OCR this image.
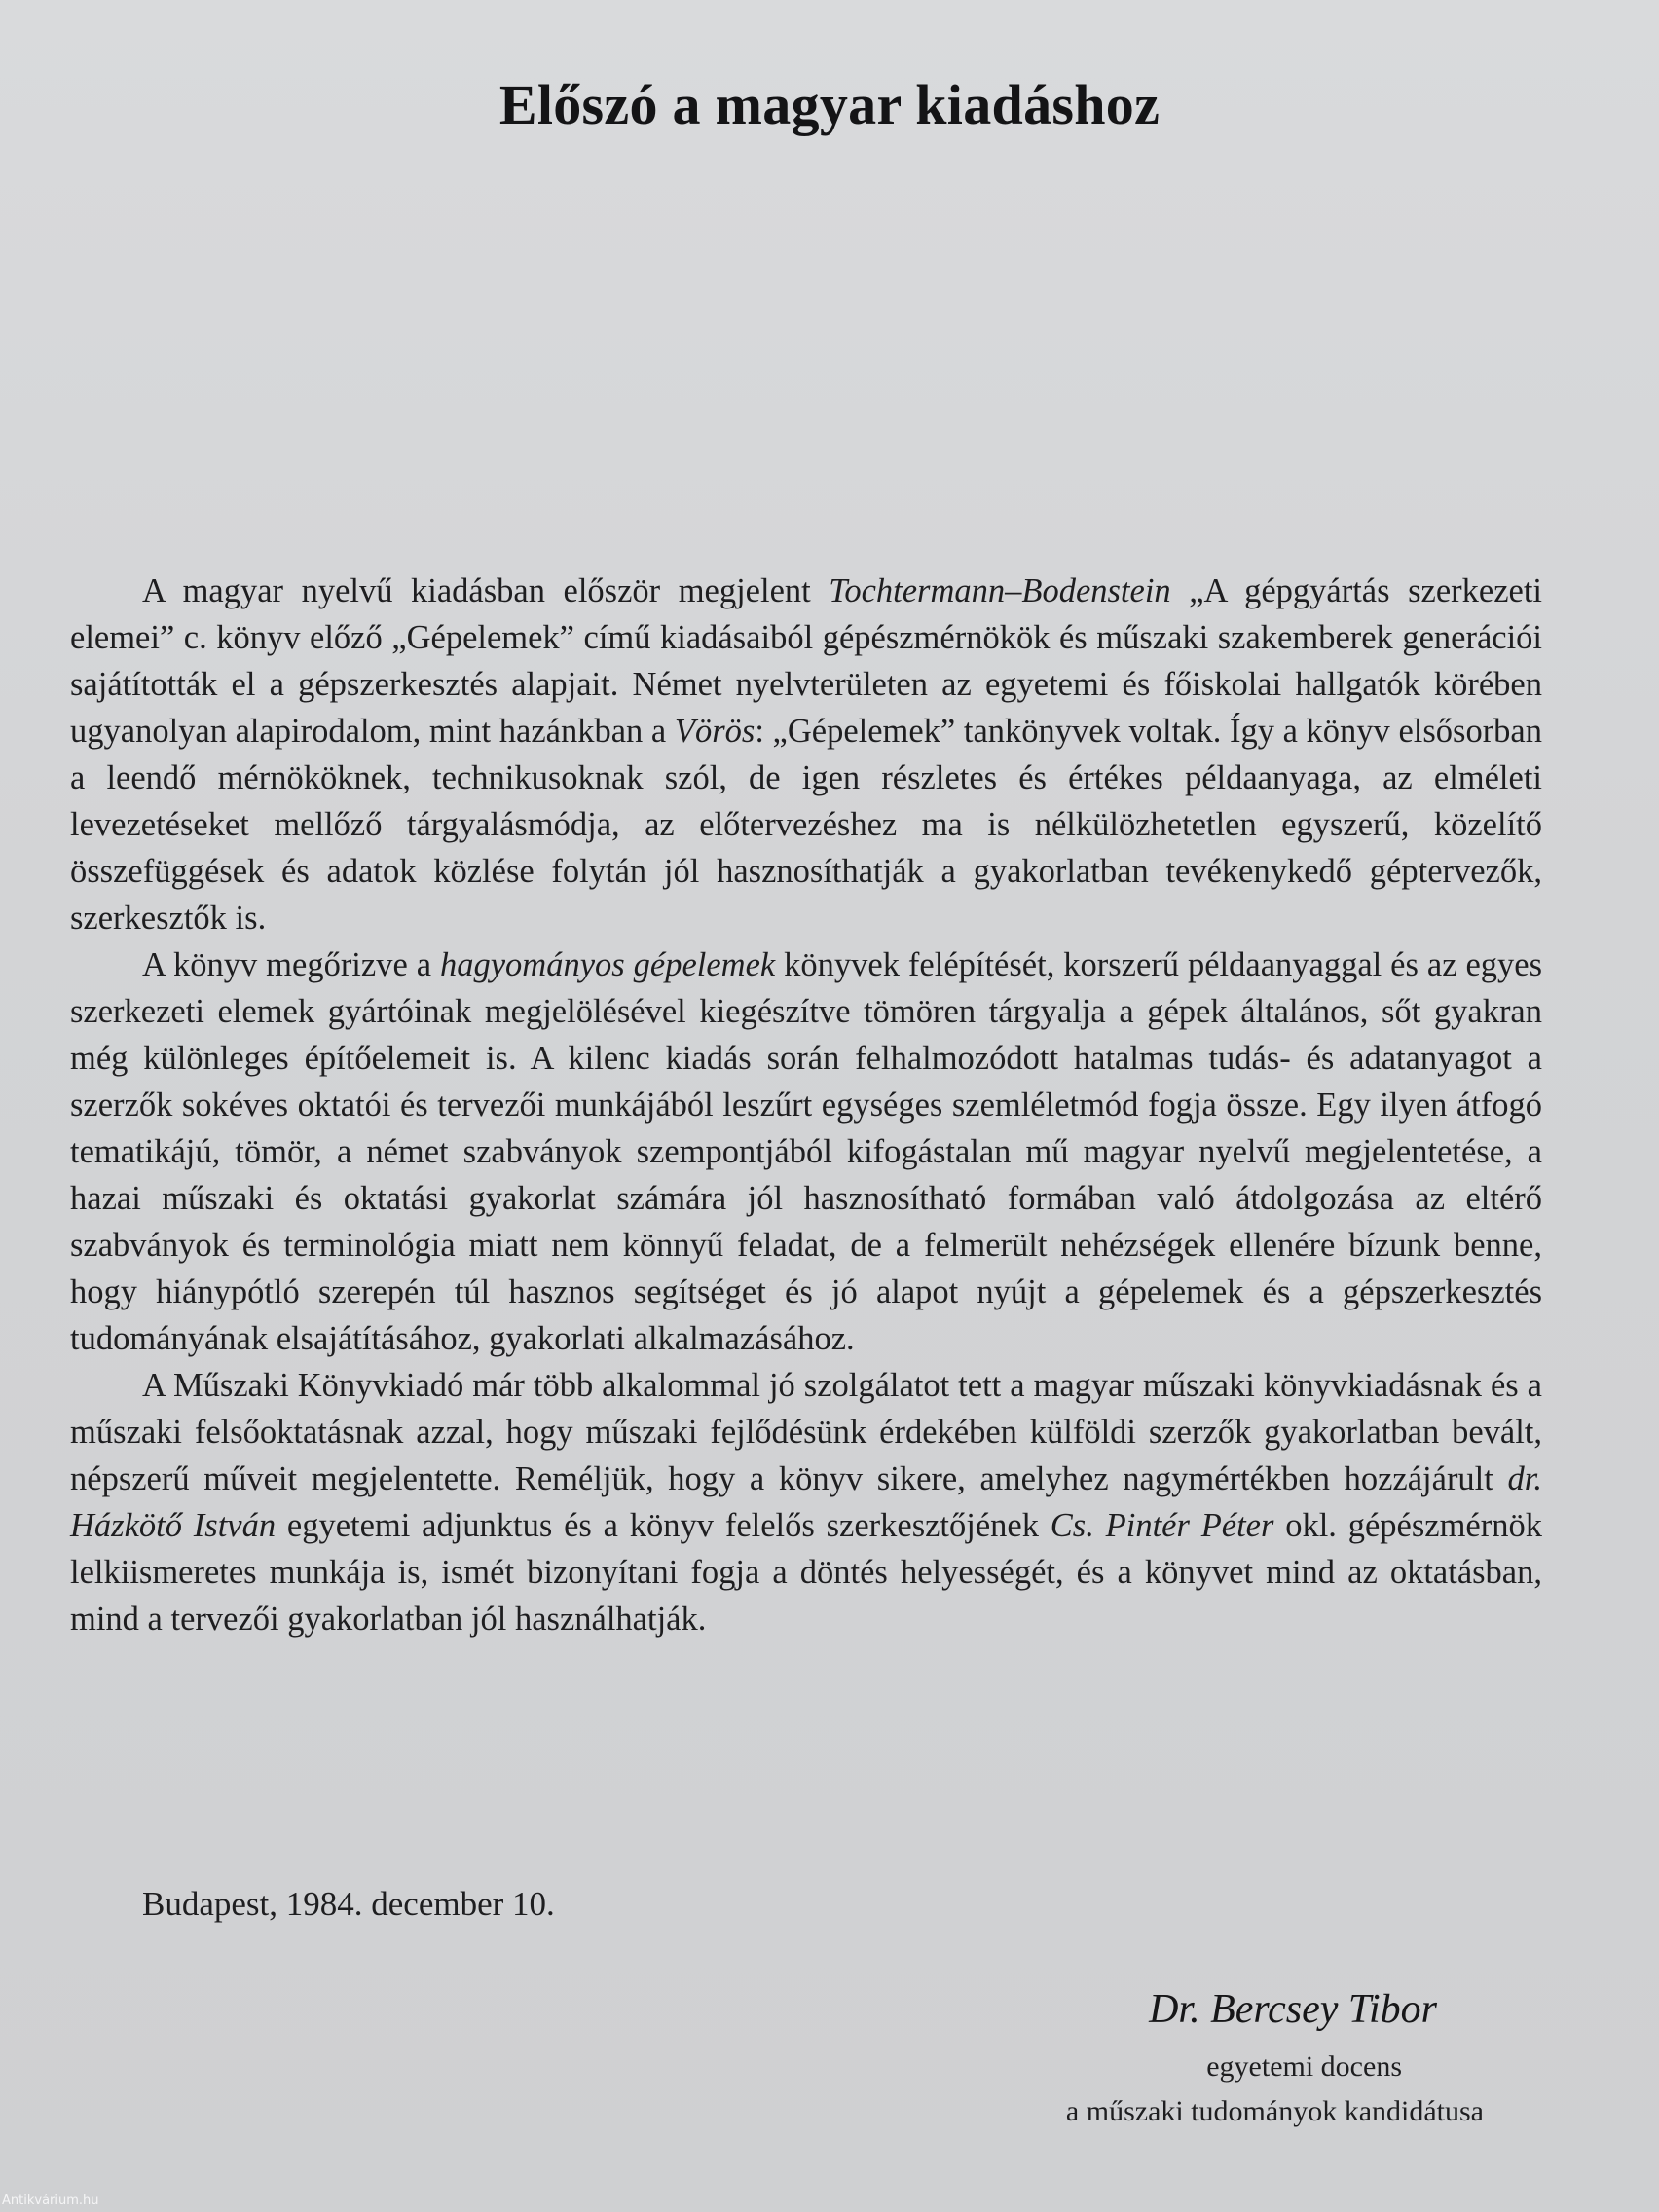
Előszó a magyar kiadáshoz

A magyar nyelvű kiadásban először megjelent Tochtermann–Bodenstein „A gépgyártás szerkezeti elemei” c. könyv előző „Gépelemek” című kiadásaiból gépészmérnökök és műszaki szakemberek generációi sajátították el a gépszerkesztés alapjait. Német nyelvterületen az egyetemi és főiskolai hallgatók körében ugyanolyan alapirodalom, mint hazánkban a Vörös: „Gépelemek” tankönyvek voltak. Így a könyv elsősorban a leendő mérnököknek, technikusoknak szól, de igen részletes és értékes példaanyaga, az elméleti levezetéseket mellőző tárgyalásmódja, az előtervezéshez ma is nélkülözhetetlen egyszerű, közelítő összefüggések és adatok közlése folytán jól hasznosíthatják a gyakorlatban tevékenykedő géptervezők, szerkesztők is.

A könyv megőrizve a hagyományos gépelemek könyvek felépítését, korszerű példaanyaggal és az egyes szerkezeti elemek gyártóinak megjelölésével kiegészítve tömören tárgyalja a gépek általános, sőt gyakran még különleges építőelemeit is. A kilenc kiadás során felhalmozódott hatalmas tudás- és adatanyagot a szerzők sokéves oktatói és tervezői munkájából leszűrt egységes szemléletmód fogja össze. Egy ilyen átfogó tematikájú, tömör, a német szabványok szempontjából kifogástalan mű magyar nyelvű megjelentetése, a hazai műszaki és oktatási gyakorlat számára jól hasznosítható formában való átdolgozása az eltérő szabványok és terminológia miatt nem könnyű feladat, de a felmerült nehézségek ellenére bízunk benne, hogy hiánypótló szerepén túl hasznos segítséget és jó alapot nyújt a gépelemek és a gépszerkesztés tudományának elsajátításához, gyakorlati alkalmazásához.

A Műszaki Könyvkiadó már több alkalommal jó szolgálatot tett a magyar műszaki könyvkiadásnak és a műszaki felsőoktatásnak azzal, hogy műszaki fejlődésünk érdekében külföldi szerzők gyakorlatban bevált, népszerű műveit megjelentette. Reméljük, hogy a könyv sikere, amelyhez nagymértékben hozzájárult dr. Házkötő István egyetemi adjunktus és a könyv felelős szerkesztőjének Cs. Pintér Péter okl. gépészmérnök lelkiismeretes munkája is, ismét bizonyítani fogja a döntés helyességét, és a könyvet mind az oktatásban, mind a tervezői gyakorlatban jól használhatják.

Budapest, 1984. december 10.
Dr. Bercsey Tibor
egyetemi docens
a műszaki tudományok kandidátusa
Antikvárium.hu
